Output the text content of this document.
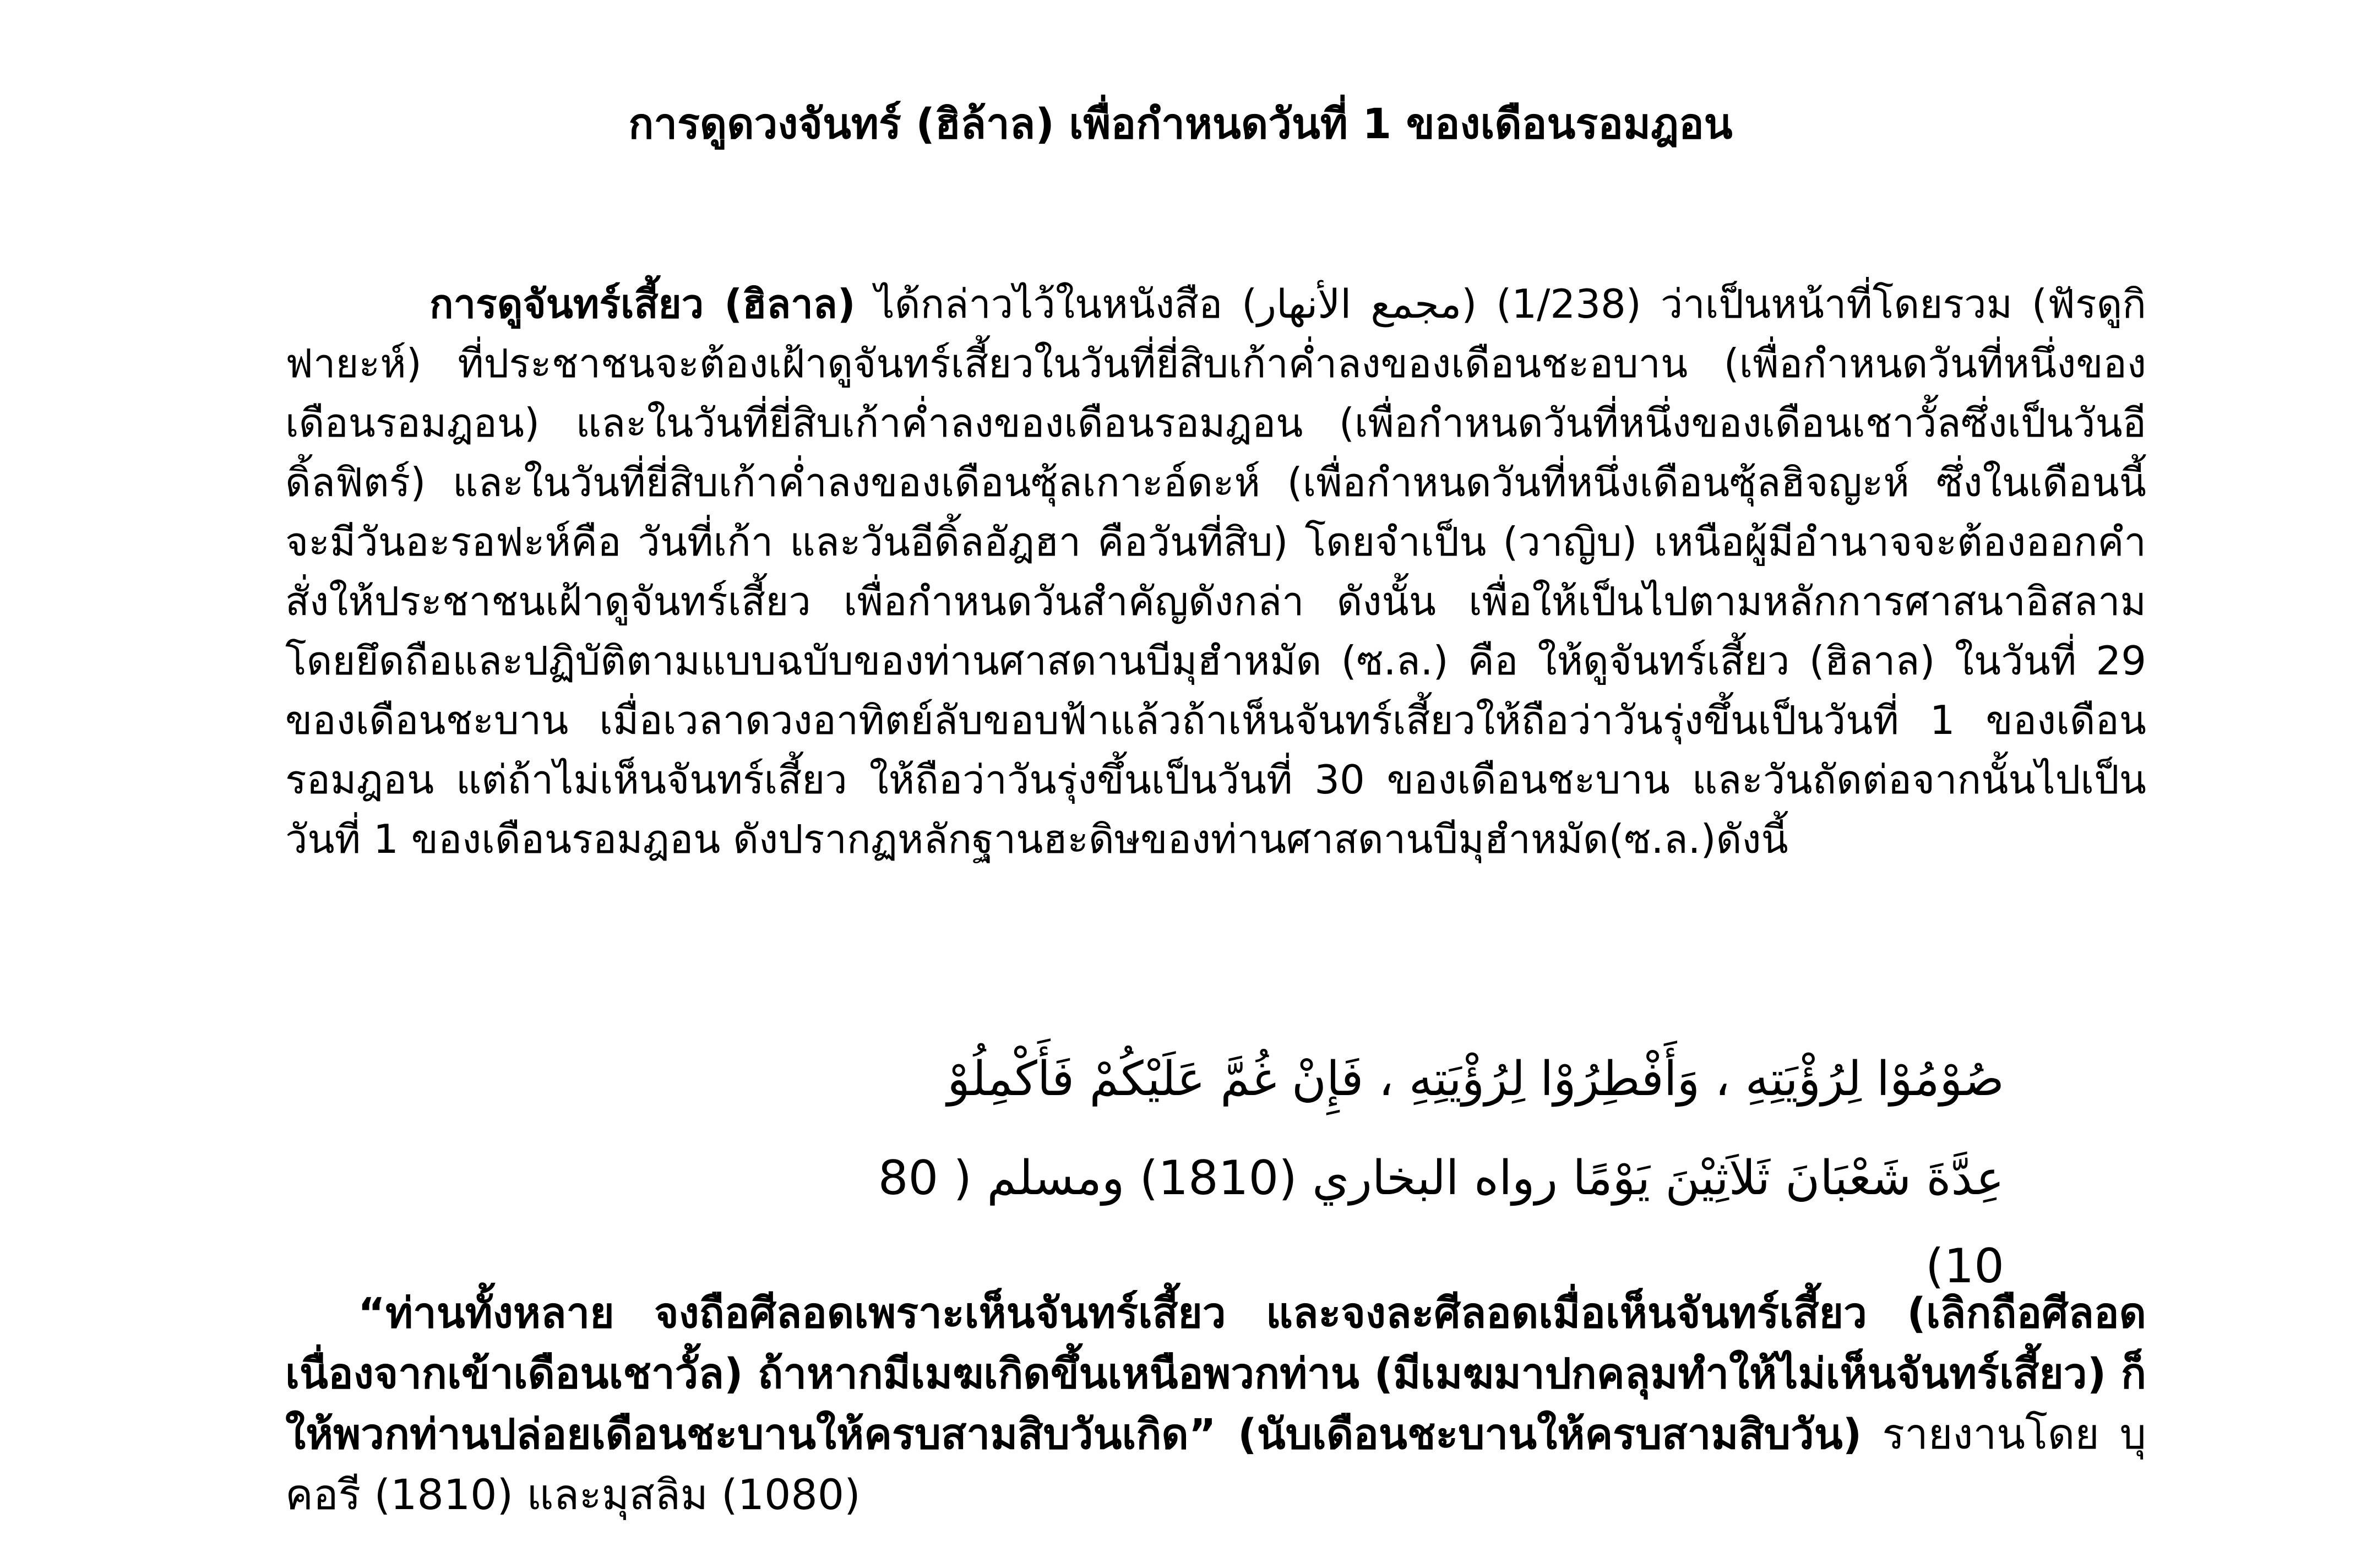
การดูดวงจันทร์ (ฮิล้าล) เพื่อกำหนดวันที่ 1 ของเดือนรอมฎอน
การดูจันทร์เสี้ยว (ฮิลาล) ได้กล่าวไว้ในหนังสือ (مجمع الأنهار) (1/238) ว่าเป็นหน้าที่โดยรวม (ฟัรดูกิฟายะห์) ที่ประชาชนจะต้องเฝ้าดูจันทร์เสี้ยวในวันที่ยี่สิบเก้าค่ำลงของเดือนชะอบาน (เพื่อกำหนดวันที่หนึ่งของเดือนรอมฎอน) และในวันที่ยี่สิบเก้าค่ำลงของเดือนรอมฎอน (เพื่อกำหนดวันที่หนึ่งของเดือนเชาวั้ลซึ่งเป็นวันอีดิ้ลฟิตร์) และในวันที่ยี่สิบเก้าค่ำลงของเดือนซุ้ลเกาะอ์ดะห์ (เพื่อกำหนดวันที่หนึ่งเดือนซุ้ลฮิจญะห์ ซึ่งในเดือนนี้จะมีวันอะรอฟะห์คือ วันที่เก้า และวันอีดิ้ลอัฎฮา คือวันที่สิบ) โดยจำเป็น (วาญิบ) เหนือผู้มีอำนาจจะต้องออกคำสั่งให้ประชาชนเฝ้าดูจันทร์เสี้ยว เพื่อกำหนดวันสำคัญดังกล่า ดังนั้น เพื่อให้เป็นไปตามหลักการศาสนาอิสลามโดยยึดถือและปฏิบัติตามแบบฉบับของท่านศาสดานบีมุฮำหมัด (ซ.ล.) คือ ให้ดูจันทร์เสี้ยว (ฮิลาล) ในวันที่ 29 ของเดือนชะบาน เมื่อเวลาดวงอาทิตย์ลับขอบฟ้าแล้วถ้าเห็นจันทร์เสี้ยวให้ถือว่าวันรุ่งขึ้นเป็นวันที่ 1 ของเดือนรอมฎอน แต่ถ้าไม่เห็นจันทร์เสี้ยว ให้ถือว่าวันรุ่งขึ้นเป็นวันที่ 30 ของเดือนชะบาน และวันถัดต่อจากนั้นไปเป็นวันที่ 1 ของเดือนรอมฎอน ดังปรากฏหลักฐานฮะดิษของท่านศาสดานบีมุฮำหมัด(ซ.ล.)ดังนี้
صُوْمُوْا لِرُؤْيَتِهِ ، وَأَفْطِرُوْا لِرُؤْيَتِهِ ، فَإِنْ غُمَّ عَلَيْكُمْ فَأَكْمِلُوْ
عِدَّةَ شَعْبَانَ ثَلاَثِيْنَ يَوْمًا رواه البخاري (1810) ومسلم ( 80 10)
“ท่านทั้งหลาย จงถือศีลอดเพราะเห็นจันทร์เสี้ยว และจงละศีลอดเมื่อเห็นจันทร์เสี้ยว (เลิกถือศีลอดเนื่องจากเข้าเดือนเชาวั้ล) ถ้าหากมีเมฆเกิดขึ้นเหนือพวกท่าน (มีเมฆมาปกคลุมทำให้ไม่เห็นจันทร์เสี้ยว) ก็ให้พวกท่านปล่อยเดือนชะบานให้ครบสามสิบวันเกิด” (นับเดือนชะบานให้ครบสามสิบวัน) รายงานโดย บุคอรี (1810) และมุสลิม (1080)
